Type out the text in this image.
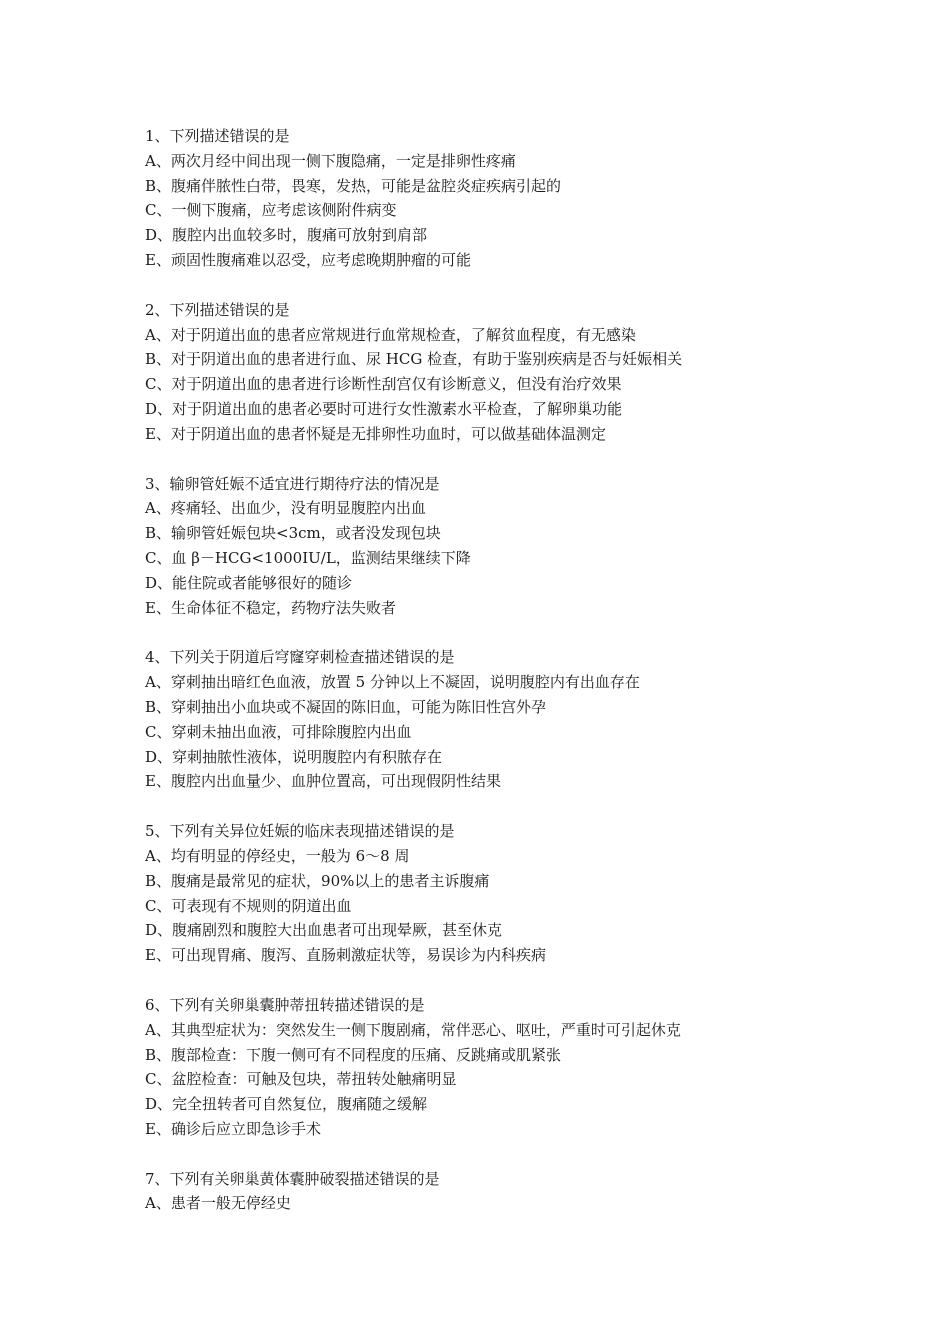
1、下列描述错误的是
A、两次月经中间出现一侧下腹隐痛，一定是排卵性疼痛
B、腹痛伴脓性白带，畏寒，发热，可能是盆腔炎症疾病引起的
C、一侧下腹痛，应考虑该侧附件病变
D、腹腔内出血较多时，腹痛可放射到肩部
E、顽固性腹痛难以忍受，应考虑晚期肿瘤的可能
2、下列描述错误的是
A、对于阴道出血的患者应常规进行血常规检查，了解贫血程度，有无感染
B、对于阴道出血的患者进行血、尿 HCG 检查，有助于鉴别疾病是否与妊娠相关
C、对于阴道出血的患者进行诊断性刮宫仅有诊断意义，但没有治疗效果
D、对于阴道出血的患者必要时可进行女性激素水平检查，了解卵巢功能
E、对于阴道出血的患者怀疑是无排卵性功血时，可以做基础体温测定
3、输卵管妊娠不适宜进行期待疗法的情况是
A、疼痛轻、出血少，没有明显腹腔内出血
B、输卵管妊娠包块<3cm，或者没发现包块
C、血 β－HCG<1000IU/L，监测结果继续下降
D、能住院或者能够很好的随诊
E、生命体征不稳定，药物疗法失败者
4、下列关于阴道后穹窿穿刺检查描述错误的是
A、穿刺抽出暗红色血液，放置 5 分钟以上不凝固，说明腹腔内有出血存在
B、穿刺抽出小血块或不凝固的陈旧血，可能为陈旧性宫外孕
C、穿刺未抽出血液，可排除腹腔内出血
D、穿刺抽脓性液体，说明腹腔内有积脓存在
E、腹腔内出血量少、血肿位置高，可出现假阴性结果
5、下列有关异位妊娠的临床表现描述错误的是
A、均有明显的停经史，一般为 6～8 周
B、腹痛是最常见的症状，90%以上的患者主诉腹痛
C、可表现有不规则的阴道出血
D、腹痛剧烈和腹腔大出血患者可出现晕厥，甚至休克
E、可出现胃痛、腹泻、直肠刺激症状等，易误诊为内科疾病
6、下列有关卵巢囊肿蒂扭转描述错误的是
A、其典型症状为：突然发生一侧下腹剧痛，常伴恶心、呕吐，严重时可引起休克
B、腹部检查：下腹一侧可有不同程度的压痛、反跳痛或肌紧张
C、盆腔检查：可触及包块，蒂扭转处触痛明显
D、完全扭转者可自然复位，腹痛随之缓解
E、确诊后应立即急诊手术
7、下列有关卵巢黄体囊肿破裂描述错误的是
A、患者一般无停经史
